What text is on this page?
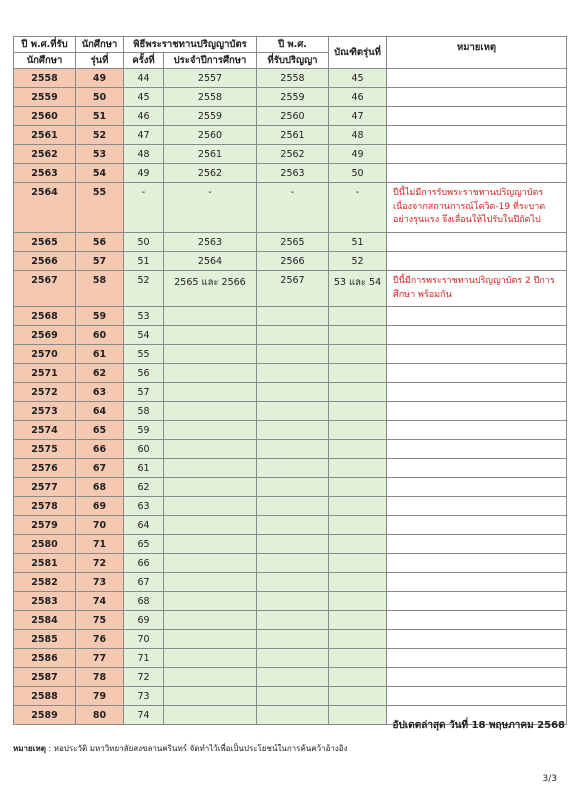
ปี พ.ศ.ที่รับ	นักศึกษา	พิธีพระราชทานปริญญาบัตร		ปี พ.ศ.	บัณฑิตรุ่นที่	หมายเหตุ
นักศึกษา	รุ่นที่	ครั้งที่	ประจำปีการศึกษา	ที่รับปริญญา		
2558	49	44	2557	2558	45	
2559	50	45	2558	2559	46	
2560	51	46	2559	2560	47	
2561	52	47	2560	2561	48	
2562	53	48	2561	2562	49	
2563	54	49	2562	2563	50	
2564	55	-	-	-	-	ปีนี้ไม่มีการรับพระราชทานปริญญาบัตร เนื่องจากสถานการณ์โควิด-19 ที่ระบาดอย่างรุนแรง จึงเลื่อนให้ไปรับในปีถัดไป
2565	56	50	2563	2565	51	
2566	57	51	2564	2566	52	
2567	58	52	2565 และ 2566	2567	53 และ 54	ปีนี้มีการพระราชทานปริญญาบัตร 2 ปีการศึกษา พร้อมกัน
2568	59	53				
2569	60	54				
2570	61	55				
2571	62	56				
2572	63	57				
2573	64	58				
2574	65	59				
2575	66	60				
2576	67	61				
2577	68	62				
2578	69	63				
2579	70	64				
2580	71	65				
2581	72	66				
2582	73	67				
2583	74	68				
2584	75	69				
2585	76	70				
2586	77	71				
2587	78	72				
2588	79	73				
2589	80	74				
อัปเดตล่าสุด วันที่ 18 พฤษภาคม 2568
หมายเหตุ : หอประวัติ มหาวิทยาลัยสงขลานครินทร์ จัดทำไว้เพื่อเป็นประโยชน์ในการค้นคว้าอ้างอิง
3/3
